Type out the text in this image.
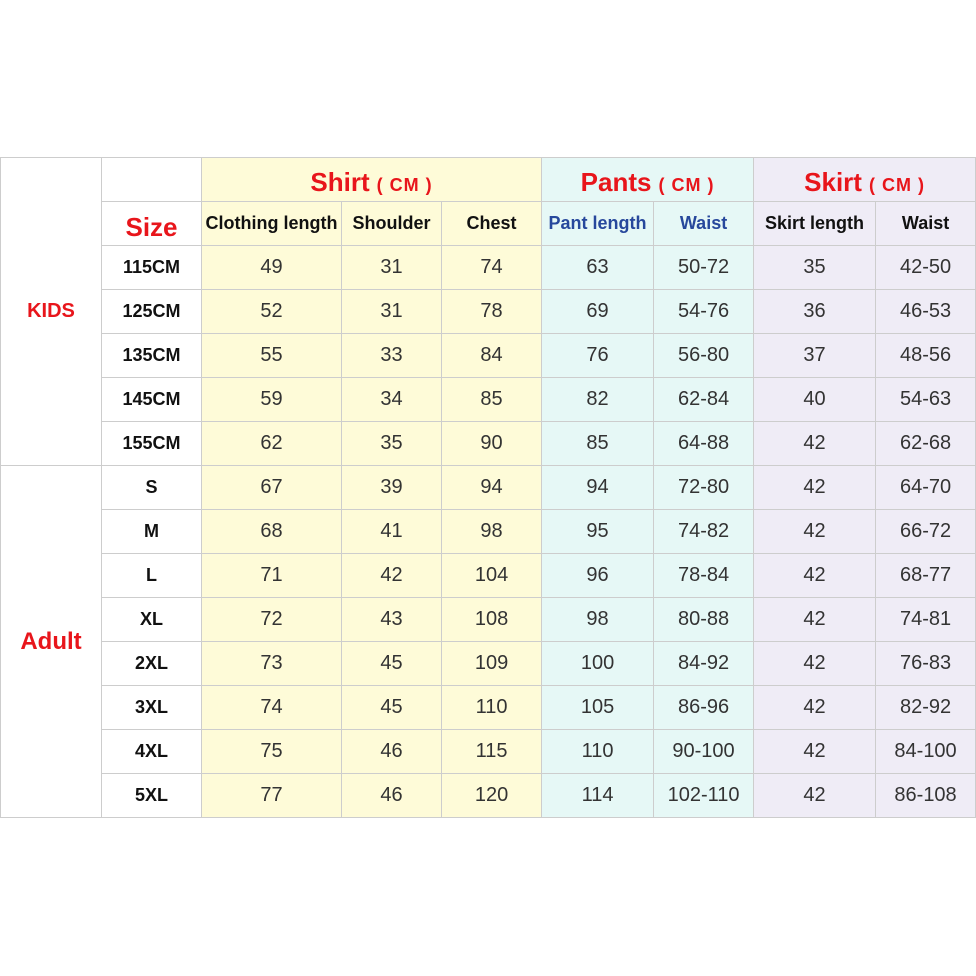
KIDS		Shirt ( CM )			Pants ( CM )		Skirt ( CM )	
	Size	Clothing length	Shoulder	Chest	Pant length	Waist	Skirt length	Waist
	115CM	49	31	74	63	50-72	35	42-50
	125CM	52	31	78	69	54-76	36	46-53
	135CM	55	33	84	76	56-80	37	48-56
	145CM	59	34	85	82	62-84	40	54-63
	155CM	62	35	90	85	64-88	42	62-68
Adult	S	67	39	94	94	72-80	42	64-70
	M	68	41	98	95	74-82	42	66-72
	L	71	42	104	96	78-84	42	68-77
	XL	72	43	108	98	80-88	42	74-81
	2XL	73	45	109	100	84-92	42	76-83
	3XL	74	45	110	105	86-96	42	82-92
	4XL	75	46	115	110	90-100	42	84-100
	5XL	77	46	120	114	102-110	42	86-108
